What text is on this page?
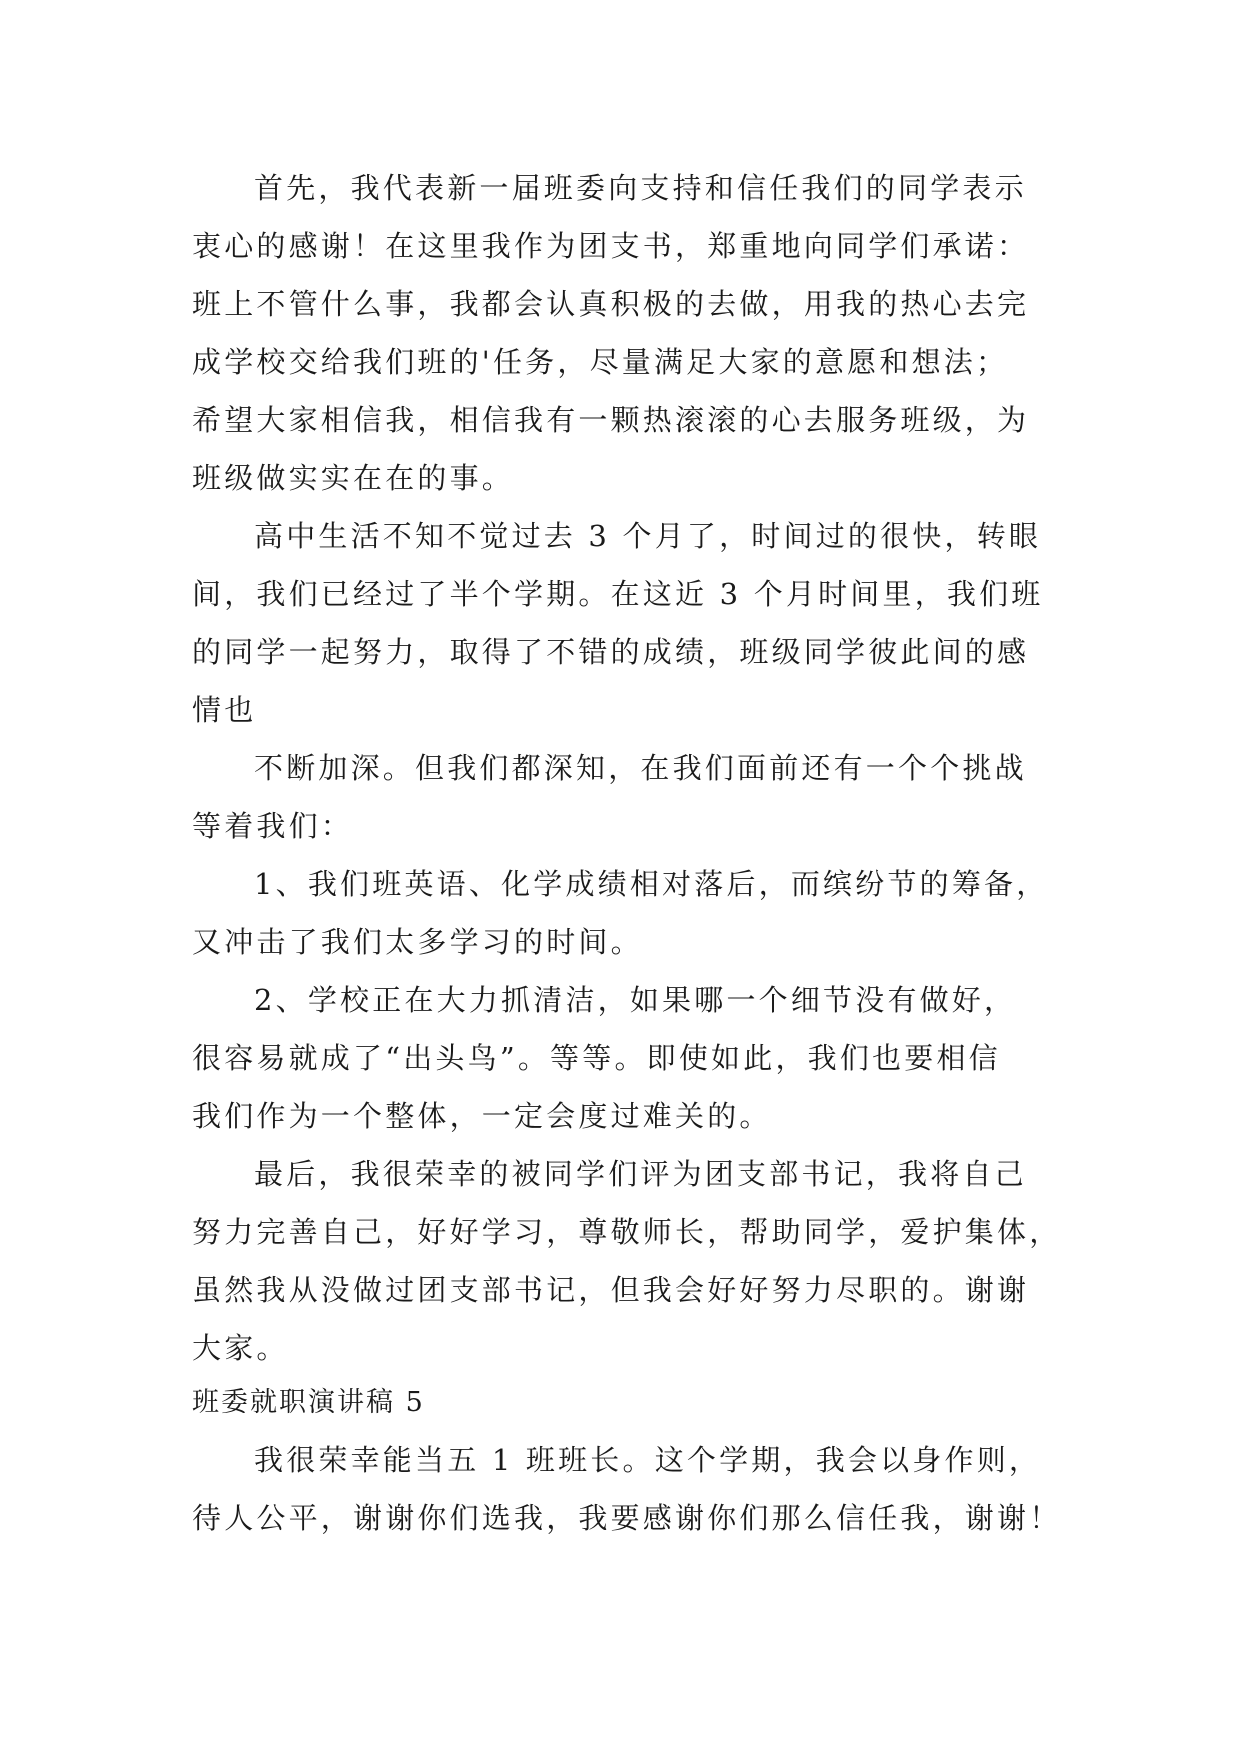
首先，我代表新一届班委向支持和信任我们的同学表示
衷心的感谢！在这里我作为团支书，郑重地向同学们承诺：
班上不管什么事，我都会认真积极的去做，用我的热心去完
成学校交给我们班的'任务，尽量满足大家的意愿和想法；
希望大家相信我，相信我有一颗热滚滚的心去服务班级，为
班级做实实在在的事。
高中生活不知不觉过去 3 个月了，时间过的很快，转眼
间，我们已经过了半个学期。在这近 3 个月时间里，我们班
的同学一起努力，取得了不错的成绩，班级同学彼此间的感
情也
不断加深。但我们都深知，在我们面前还有一个个挑战
等着我们：
1、我们班英语、化学成绩相对落后，而缤纷节的筹备，
又冲击了我们太多学习的时间。
2、学校正在大力抓清洁，如果哪一个细节没有做好，
很容易就成了“出头鸟”。等等。即使如此，我们也要相信
我们作为一个整体，一定会度过难关的。
最后，我很荣幸的被同学们评为团支部书记，我将自己
努力完善自己，好好学习，尊敬师长，帮助同学，爱护集体，
虽然我从没做过团支部书记，但我会好好努力尽职的。谢谢
大家。
班委就职演讲稿 5
我很荣幸能当五 1 班班长。这个学期，我会以身作则，
待人公平，谢谢你们选我，我要感谢你们那么信任我，谢谢！
